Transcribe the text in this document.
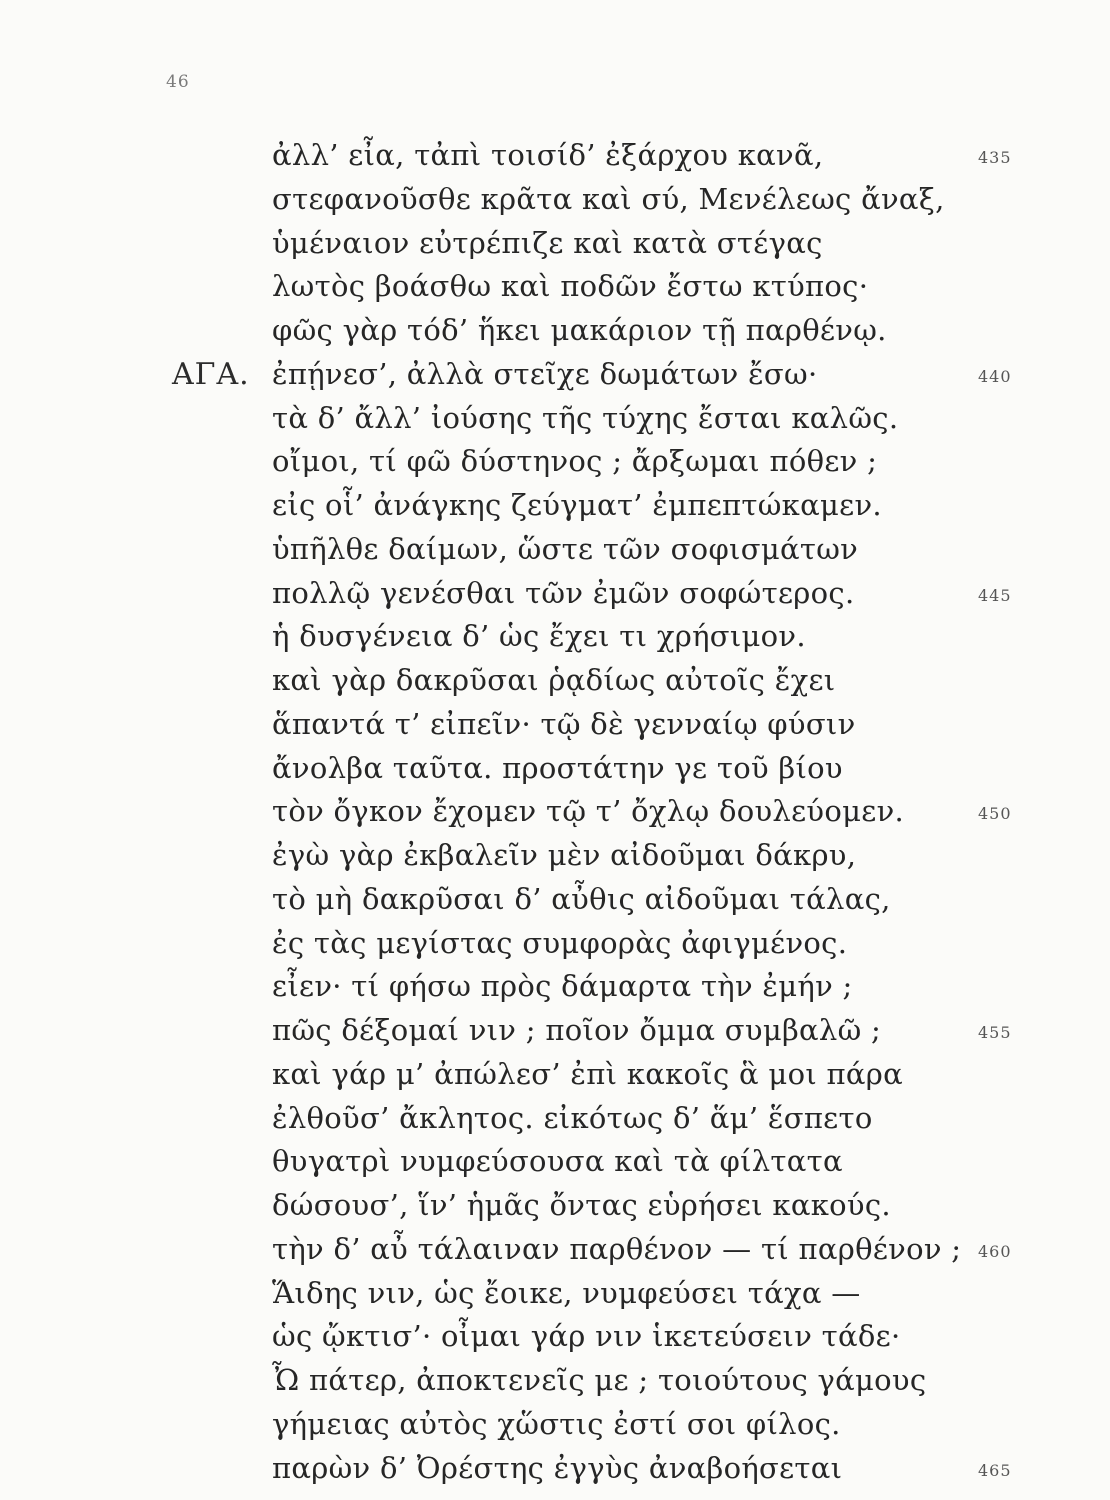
46
ἀλλ’ εἶα, τἀπὶ τοισίδ’ ἐξάρχου κανᾶ,	435
στεφανοῦσθε κρᾶτα καὶ σύ, Μενέλεως ἄναξ,
ὑμέναιον εὐτρέπιζε καὶ κατὰ στέγας
λωτὸς βοάσθω καὶ ποδῶν ἔστω κτύπος·
φῶς γὰρ τόδ’ ἥκει μακάριον τῇ παρθένῳ.
ΑΓΑ. ἐπῄνεσ’, ἀλλὰ στεῖχε δωμάτων ἔσω·	440
τὰ δ’ ἄλλ’ ἰούσης τῆς τύχης ἔσται καλῶς.
οἴμοι, τί φῶ δύστηνος ; ἄρξωμαι πόθεν ;
εἰς οἷ’ ἀνάγκης ζεύγματ’ ἐμπεπτώκαμεν.
ὑπῆλθε δαίμων, ὥστε τῶν σοφισμάτων
πολλῷ γενέσθαι τῶν ἐμῶν σοφώτερος.	445
ἡ δυσγένεια δ’ ὡς ἔχει τι χρήσιμον.
καὶ γὰρ δακρῦσαι ῥᾳδίως αὐτοῖς ἔχει
ἅπαντά τ’ εἰπεῖν· τῷ δὲ γενναίῳ φύσιν
ἄνολβα ταῦτα. προστάτην γε τοῦ βίου
τὸν ὄγκον ἔχομεν τῷ τ’ ὄχλῳ δουλεύομεν.	450
ἐγὼ γὰρ ἐκβαλεῖν μὲν αἰδοῦμαι δάκρυ,
τὸ μὴ δακρῦσαι δ’ αὖθις αἰδοῦμαι τάλας,
ἐς τὰς μεγίστας συμφορὰς ἀφιγμένος.
εἶεν· τί φήσω πρὸς δάμαρτα τὴν ἐμήν ;
πῶς δέξομαί νιν ; ποῖον ὄμμα συμβαλῶ ;	455
καὶ γάρ μ’ ἀπώλεσ’ ἐπὶ κακοῖς ἃ μοι πάρα
ἐλθοῦσ’ ἄκλητος. εἰκότως δ’ ἅμ’ ἕσπετο
θυγατρὶ νυμφεύσουσα καὶ τὰ φίλτατα
δώσουσ’, ἵν’ ἡμᾶς ὄντας εὑρήσει κακούς.
τὴν δ’ αὖ τάλαιναν παρθένον — τί παρθένον ; 460
Ἅιδης νιν, ὡς ἔοικε, νυμφεύσει τάχα —
ὡς ᾤκτισ’· οἶμαι γάρ νιν ἱκετεύσειν τάδε·
Ὦ πάτερ, ἀποκτενεῖς με ; τοιούτους γάμους
γήμειας αὐτὸς χὥστις ἐστί σοι φίλος.
παρὼν δ’ Ὀρέστης ἐγγὺς ἀναβοήσεται	465
